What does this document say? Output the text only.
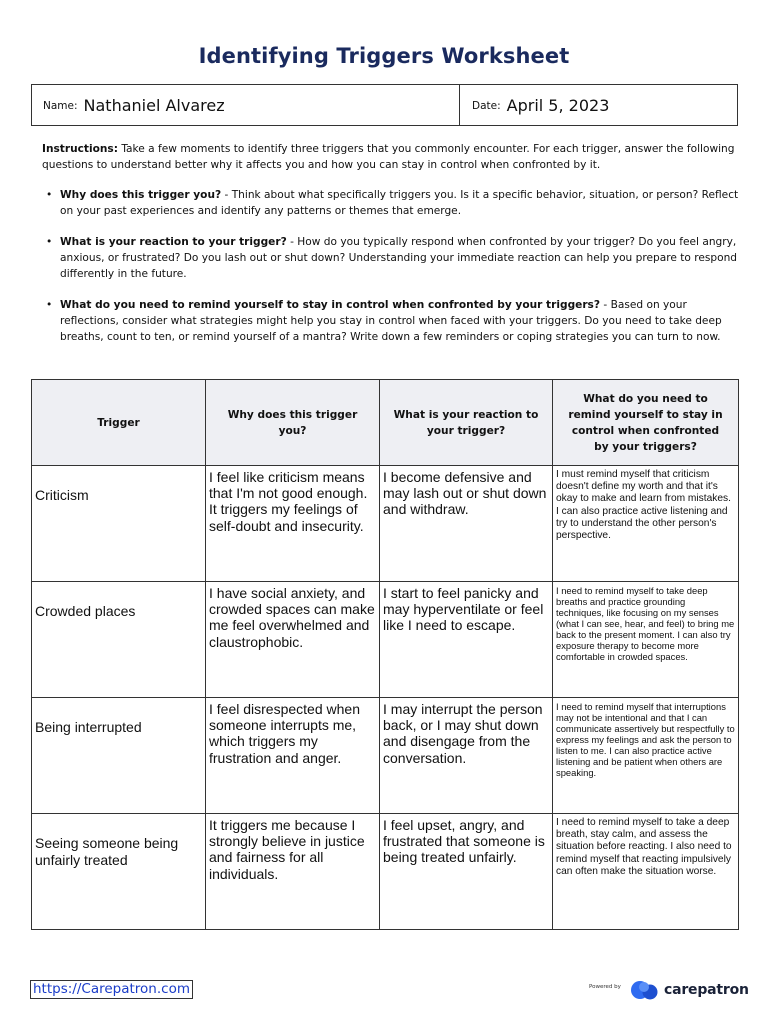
Identifying Triggers Worksheet
Name: Nathaniel Alvarez	Date: April 5, 2023

Instructions: Take a few moments to identify three triggers that you commonly encounter. For each trigger, answer the following questions to understand better why it affects you and how you can stay in control when confronted by it.

• Why does this trigger you? - Think about what specifically triggers you. Is it a specific behavior, situation, or person? Reflect on your past experiences and identify any patterns or themes that emerge.
• What is your reaction to your trigger? - How do you typically respond when confronted by your trigger? Do you feel angry, anxious, or frustrated? Do you lash out or shut down? Understanding your immediate reaction can help you prepare to respond differently in the future.
• What do you need to remind yourself to stay in control when confronted by your triggers? - Based on your reflections, consider what strategies might help you stay in control when faced with your triggers. Do you need to take deep breaths, count to ten, or remind yourself of a mantra? Write down a few reminders or coping strategies you can turn to now.
Trigger	Why does this trigger you?	What is your reaction to your trigger?	What do you need to remind yourself to stay in control when confronted by your triggers?

Criticism	I feel like criticism means that I'm not good enough. It triggers my feelings of self-doubt and insecurity.	I become defensive and may lash out or shut down and withdraw.	I must remind myself that criticism doesn't define my worth and that it's okay to make and learn from mistakes. I can also practice active listening and try to understand the other person's perspective.

Crowded places	I have social anxiety, and crowded spaces can make me feel overwhelmed and claustrophobic.	I start to feel panicky and may hyperventilate or feel like I need to escape.	I need to remind myself to take deep breaths and practice grounding techniques, like focusing on my senses (what I can see, hear, and feel) to bring me back to the present moment. I can also try exposure therapy to become more comfortable in crowded spaces.

Being interrupted	I feel disrespected when someone interrupts me, which triggers my frustration and anger.	I may interrupt the person back, or I may shut down and disengage from the conversation.	I need to remind myself that interruptions may not be intentional and that I can communicate assertively but respectfully to express my feelings and ask the person to listen to me. I can also practice active listening and be patient when others are speaking.

Seeing someone being unfairly treated	It triggers me because I strongly believe in justice and fairness for all individuals.	I feel upset, angry, and frustrated that someone is being treated unfairly.	I need to remind myself to take a deep breath, stay calm, and assess the situation before reacting. I also need to remind myself that reacting impulsively can often make the situation worse.
https://Carepatron.com	Powered by	carepatron
